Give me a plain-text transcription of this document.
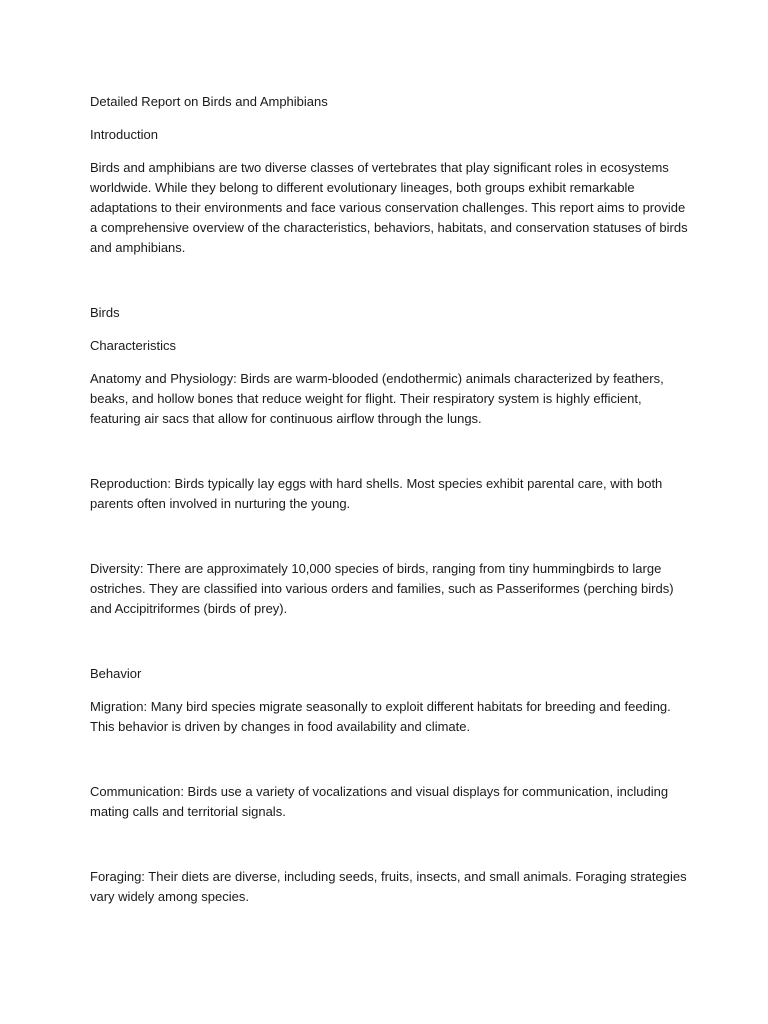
Detailed Report on Birds and Amphibians

Introduction

Birds and amphibians are two diverse classes of vertebrates that play significant roles in ecosystems worldwide. While they belong to different evolutionary lineages, both groups exhibit remarkable adaptations to their environments and face various conservation challenges. This report aims to provide a comprehensive overview of the characteristics, behaviors, habitats, and conservation statuses of birds and amphibians.

Birds

Characteristics

Anatomy and Physiology: Birds are warm-blooded (endothermic) animals characterized by feathers, beaks, and hollow bones that reduce weight for flight. Their respiratory system is highly efficient, featuring air sacs that allow for continuous airflow through the lungs.

Reproduction: Birds typically lay eggs with hard shells. Most species exhibit parental care, with both parents often involved in nurturing the young.

Diversity: There are approximately 10,000 species of birds, ranging from tiny hummingbirds to large ostriches. They are classified into various orders and families, such as Passeriformes (perching birds) and Accipitriformes (birds of prey).

Behavior

Migration: Many bird species migrate seasonally to exploit different habitats for breeding and feeding. This behavior is driven by changes in food availability and climate.

Communication: Birds use a variety of vocalizations and visual displays for communication, including mating calls and territorial signals.

Foraging: Their diets are diverse, including seeds, fruits, insects, and small animals. Foraging strategies vary widely among species.
